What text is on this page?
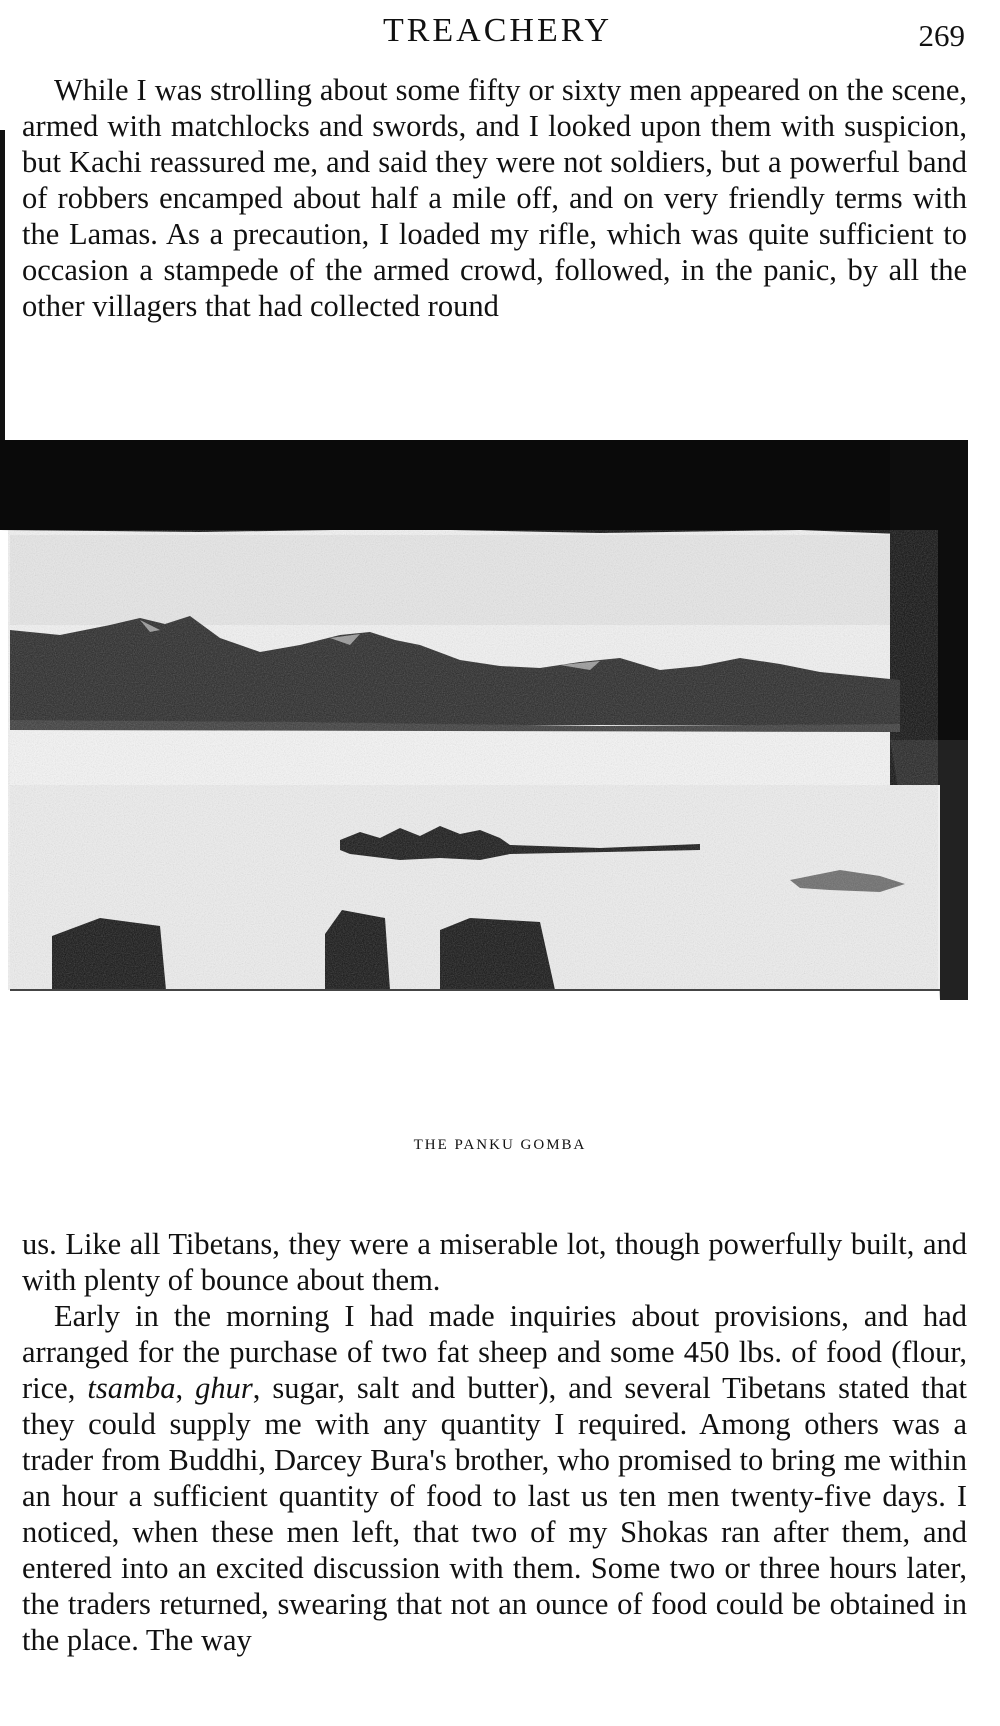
TREACHERY	269

While I was strolling about some fifty or sixty men appeared on the scene, armed with matchlocks and swords, and I looked upon them with suspicion, but Kachi reassured me, and said they were not soldiers, but a powerful band of robbers encamped about half a mile off, and on very friendly terms with the Lamas. As a precaution, I loaded my rifle, which was quite sufficient to occasion a stampede of the armed crowd, followed, in the panic, by all the other villagers that had collected round

THE PANKU GOMBA

us. Like all Tibetans, they were a miserable lot, though powerfully built, and with plenty of bounce about them.

Early in the morning I had made inquiries about provisions, and had arranged for the purchase of two fat sheep and some 450 lbs. of food (flour, rice, tsamba, ghur, sugar, salt and butter), and several Tibetans stated that they could supply me with any quantity I required. Among others was a trader from Buddhi, Darcey Bura's brother, who promised to bring me within an hour a sufficient quantity of food to last us ten men twenty-five days. I noticed, when these men left, that two of my Shokas ran after them, and entered into an excited discussion with them. Some two or three hours later, the traders returned, swearing that not an ounce of food could be obtained in the place. The way
